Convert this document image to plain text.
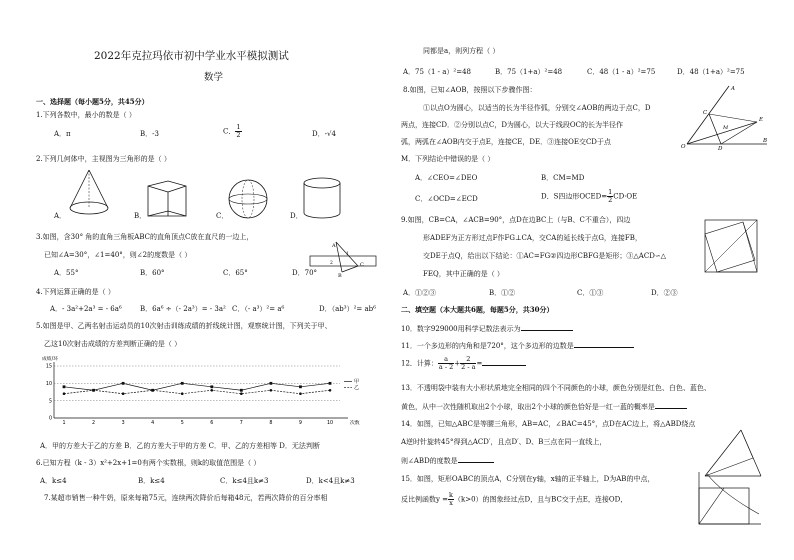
2022年克拉玛依市初中学业水平模拟测试
数学
一、选择题（每小题5分，共45分）
1.下列各数中，最小的数是（ ）
A．π	B．-3	C． $\frac{1}{2}$	D．-√4
2.下列几何体中，主视图为三角形的是（ ）
A．	B．	C．	D．
3.如图，含30° 角的直角三角板ABC的直角顶点C放在直尺的一边上，
已知∠A=30°，∠1=40°，则∠2的度数是（ ）
A．55°	B．60°	C．65°	D．70°
A
B
C
1
2
4.下列运算正确的是（ ）
A．- 3a²+2a³ = - 6a⁶	B．6a⁶ ÷（- 2a³）= - 3a² C．（- a³）²= a⁶	D．（ab³）²= ab⁶
5.如图是甲、乙两名射击运动员的10次射击训练成绩的折线统计图，观察统计图，下列关于甲、
乙这10次射击成绩的方差判断正确的是（ ）
0
5
10
15
1	2	3	4	5	6	7	8	9	10	次数
甲
乙
成绩/环
A．甲的方差大于乙的方差 B．乙的方差大于甲的方差 C．甲、乙的方差相等 D．无法判断
6.已知方程（k - 3）x²+2x+1=0有两个实数根，则k的取值范围是（ ）
A．k≤4	B．k≤4	C．k≤4且k≠3	D．k<4且k≠3
7.某超市销售一种牛奶，原来每箱75元，连续两次降价后每箱48元，若两次降价的百分率相
同都是a，则列方程（ ）
A．75（1 - a）²=48	B．75（1+a）²=48	C．48（1 - a）²=75	D．48（1+a）²=75
8.如图，已知∠AOB，按照以下步骤作图：
①以点O为圆心，以适当的长为半径作弧，分别交∠AOB的两边于点C，D
两点，连接CD．②分别以点C，D为圆心，以大于线段OC的长为半径作
弧，两弧在∠AOB内交于点E，连接CE，DE．③连接OE交CD于点
M．下列结论中错误的是（ ）
A．∠CEO=∠DEO	B．CM=MD
C．∠OCD=∠ECD	D．S四边形OCED= $\frac{1}{2} CD\cdot OE$
A
B
O
C
D
E
M
9.如图，CB=CA，∠ACB=90°，点D在边BC上（与B、C不重合），四边
形ADEF为正方形过点F作FG⊥CA，交CA的延长线于点G，连接FB，
交DE于点Q，给出以下结论：①AC=FG②四边形CBFG是矩形；③△ACD∽△
FEQ，其中正确的是（ ）
A．①②③	B．①②	C．①③	D．②③
二、填空题（本大题共6题，每题5分，共30分）
10．数字929000用科学记数法表示为
11．一个多边形的内角和是720°，这个多边形的边数是
12．计算： $\frac{a}{a - 2} + \frac{2}{2 - a}$ =
13．不透明袋中装有大小形状质地完全相同的四个不同颜色的小球，颜色分别是红色、白色、蓝色、
黄色，从中一次性随机取出2个小球，取出2个小球的颜色恰好是一红一蓝的概率是
14．如图，已知△ABC是等腰三角形，AB=AC，∠BAC=45°，点D在AC边上，将△ABD绕点
A逆时针旋转45°得到△ACD′，且点D′、D、B三点在同一直线上，
则∠ABD的度数是
15．如图，矩形OABC的顶点A，C分别在y轴，x轴的正半轴上，D为AB的中点，
反比例函数$y = \frac{k}{x} (k>0)$的图象经过点D，且与BC交于点E，连接OD，
